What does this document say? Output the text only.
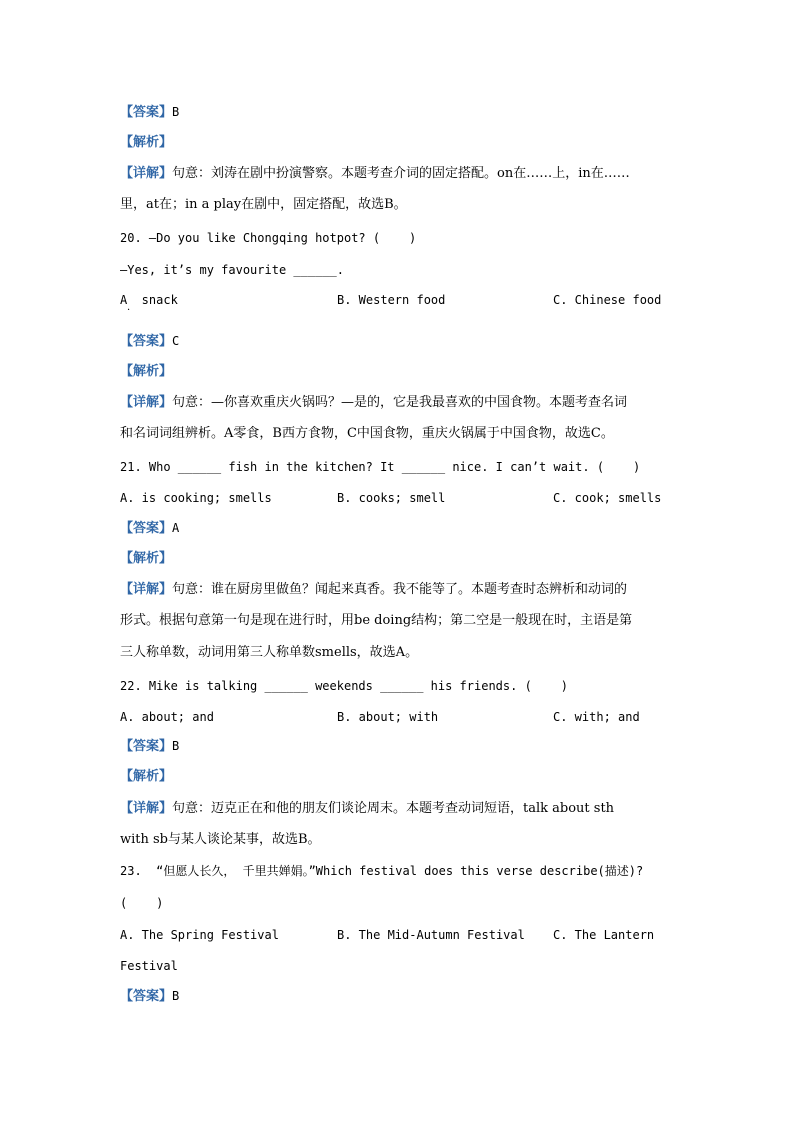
【答案】B
【解析】
【详解】句意：刘涛在剧中扮演警察。本题考查介词的固定搭配。on在……上，in在……
里，at在；in a play在剧中，固定搭配，故选B。
20. —Do you like Chongqing hotpot? (    )
—Yes, it’s my favourite ______.
A  snack
·
B. Western food	C. Chinese food
【答案】C
【解析】
【详解】句意：—你喜欢重庆火锅吗？—是的，它是我最喜欢的中国食物。本题考查名词
和名词词组辨析。A零食，B西方食物，C中国食物，重庆火锅属于中国食物，故选C。
21. Who ______ fish in the kitchen? It ______ nice. I can’t wait. (    )
A. is cooking; smells	B. cooks; smell	C. cook; smells
【答案】A
【解析】
【详解】句意：谁在厨房里做鱼？闻起来真香。我不能等了。本题考查时态辨析和动词的
形式。根据句意第一句是现在进行时，用be doing结构；第二空是一般现在时，主语是第
三人称单数，动词用第三人称单数smells，故选A。
22. Mike is talking ______ weekends ______ his friends. (    )
A. about; and	B. about; with	C. with; and
【答案】B
【解析】
【详解】句意：迈克正在和他的朋友们谈论周末。本题考查动词短语，talk about sth
with sb与某人谈论某事，故选B。
23.  “但愿人长久， 千里共婵娟。”Which festival does this verse describe(描述)?
(    )
A. The Spring Festival	B. The Mid-Autumn Festival C. The Lantern
Festival
【答案】B
